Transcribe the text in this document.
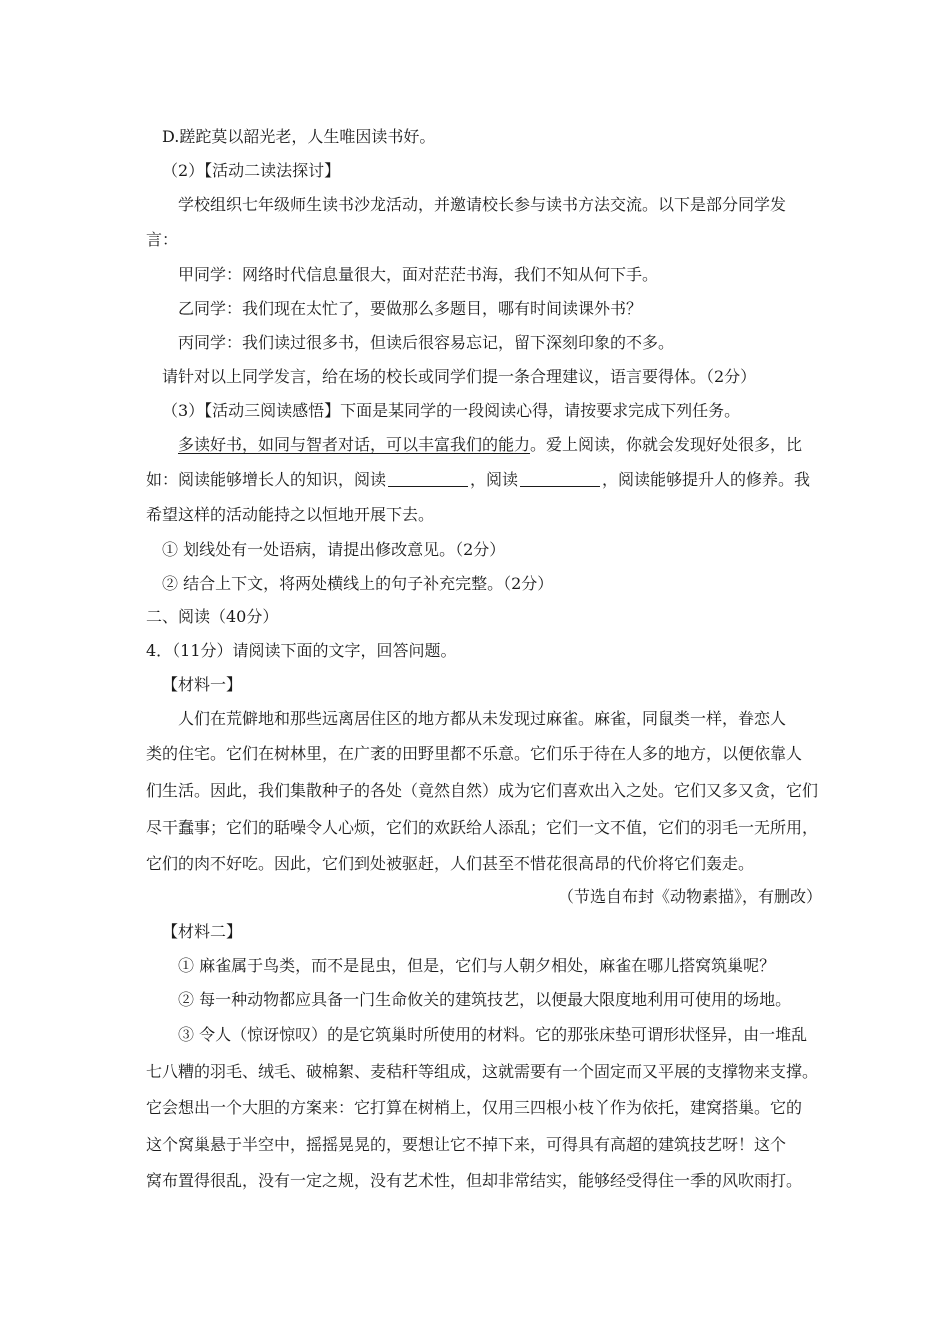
D.蹉跎莫以韶光老，人生唯因读书好。
（2）【活动二读法探讨】
学校组织七年级师生读书沙龙活动，并邀请校长参与读书方法交流。以下是部分同学发
言：
甲同学：网络时代信息量很大，面对茫茫书海，我们不知从何下手。
乙同学：我们现在太忙了，要做那么多题目，哪有时间读课外书？
丙同学：我们读过很多书，但读后很容易忘记，留下深刻印象的不多。
请针对以上同学发言，给在场的校长或同学们提一条合理建议，语言要得体。（2分）
（3）【活动三阅读感悟】下面是某同学的一段阅读心得，请按要求完成下列任务。
多读好书，如同与智者对话，可以丰富我们的能力。爱上阅读，你就会发现好处很多，比
如：阅读能够增长人的知识，阅读	，阅读	，阅读能够提升人的修养。我
希望这样的活动能持之以恒地开展下去。
① 划线处有一处语病，请提出修改意见。（2分）
② 结合上下文，将两处横线上的句子补充完整。（2分）
二、阅读（40分）
4．（11分）请阅读下面的文字，回答问题。
【材料一】
人们在荒僻地和那些远离居住区的地方都从未发现过麻雀。麻雀，同鼠类一样，眷恋人
类的住宅。它们在树林里，在广袤的田野里都不乐意。它们乐于待在人多的地方，以便依靠人
们生活。因此，我们集散种子的各处（竟然自然）成为它们喜欢出入之处。它们又多又贪，它们
尽干蠢事；它们的聒噪令人心烦，它们的欢跃给人添乱；它们一文不值，它们的羽毛一无所用，
它们的肉不好吃。因此，它们到处被驱赶，人们甚至不惜花很高昂的代价将它们轰走。
（节选自布封《动物素描》，有删改）
【材料二】
① 麻雀属于鸟类，而不是昆虫，但是，它们与人朝夕相处，麻雀在哪儿搭窝筑巢呢？
② 每一种动物都应具备一门生命攸关的建筑技艺，以便最大限度地利用可使用的场地。
③ 令人（惊讶惊叹）的是它筑巢时所使用的材料。它的那张床垫可谓形状怪异，由一堆乱
七八糟的羽毛、绒毛、破棉絮、麦秸秆等组成，这就需要有一个固定而又平展的支撑物来支撑。
它会想出一个大胆的方案来：它打算在树梢上，仅用三四根小枝丫作为依托，建窝搭巢。它的
这个窝巢悬于半空中，摇摇晃晃的，要想让它不掉下来，可得具有高超的建筑技艺呀！这个
窝布置得很乱，没有一定之规，没有艺术性，但却非常结实，能够经受得住一季的风吹雨打。
